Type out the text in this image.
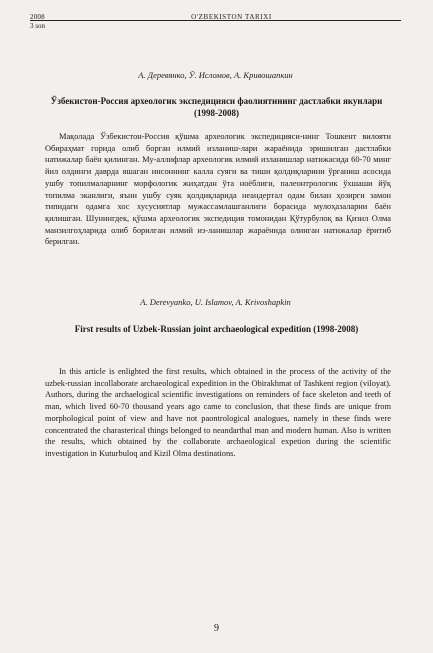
2008	O'ZBEKISTON TARIXI
3 son
А. Деревянко, Ў. Исломов, А. Кривошапкин
Ўзбекистон-Россия археологик экспедицияси фаолиятининг дастлабки якунлари (1998-2008)

Мақолада Ўзбекистон-Россия қўшма археологик экспедицияси-нинг Тошкент вилояти Обираҳмат горида олиб борган илмий изланиш-лари жараёнида эришилган дастлабки натижалар баён қилинган. Му-аллифлар археологик илмий изланишлар натижасида 60-70 минг йил олдинги даврда яшаган инсоннинг калла суяги ва тиши қолдиқларини ўрганиш асосида ушбу топилмаларнинг морфологик жиҳатдан ўта ноёблиги, палеонтрологик ўхшаши йўқ топилма эканлиги, яъни ушбу суяк қолдиқларида неандертал одам билан ҳозирги замон типидаги одамга хос хусусиятлар мужассамлашганлиги борасида мулоҳазаларни баён қилишган. Шунингдек, қўшма археологик экспедиция томонидан Қўтурбулоқ ва Қизил Олма манзилгоҳларида олиб борилган илмий из-ланишлар жараёнида олинган натижалар ёритиб берилган.

A. Derevyanko, U. Islamov, A. Krivoshapkin
First results of Uzbek-Russian joint archaeological expedition (1998-2008)

In this article is enlighted the first results, which obtained in the process of the activity of the uzbek-russian incollaborate archaeological expedition in the Obirakhmat of Tashkent region (viloyat). Authors, during the archaelogical scientific investigations on reminders of face skeleton and teeth of man, which lived 60-70 thousand years ago came to conclusion, that these finds are unique from morphological point of view and have not paontrological analogues, namely in these finds were concentrated the charasterical things belonged to neandarthal man and modern human. Also is written the results, which obtained by the collaborate archaeological expetion during the scientific investigation in Kuturbuloq and Kizil Olma destinations.

9
